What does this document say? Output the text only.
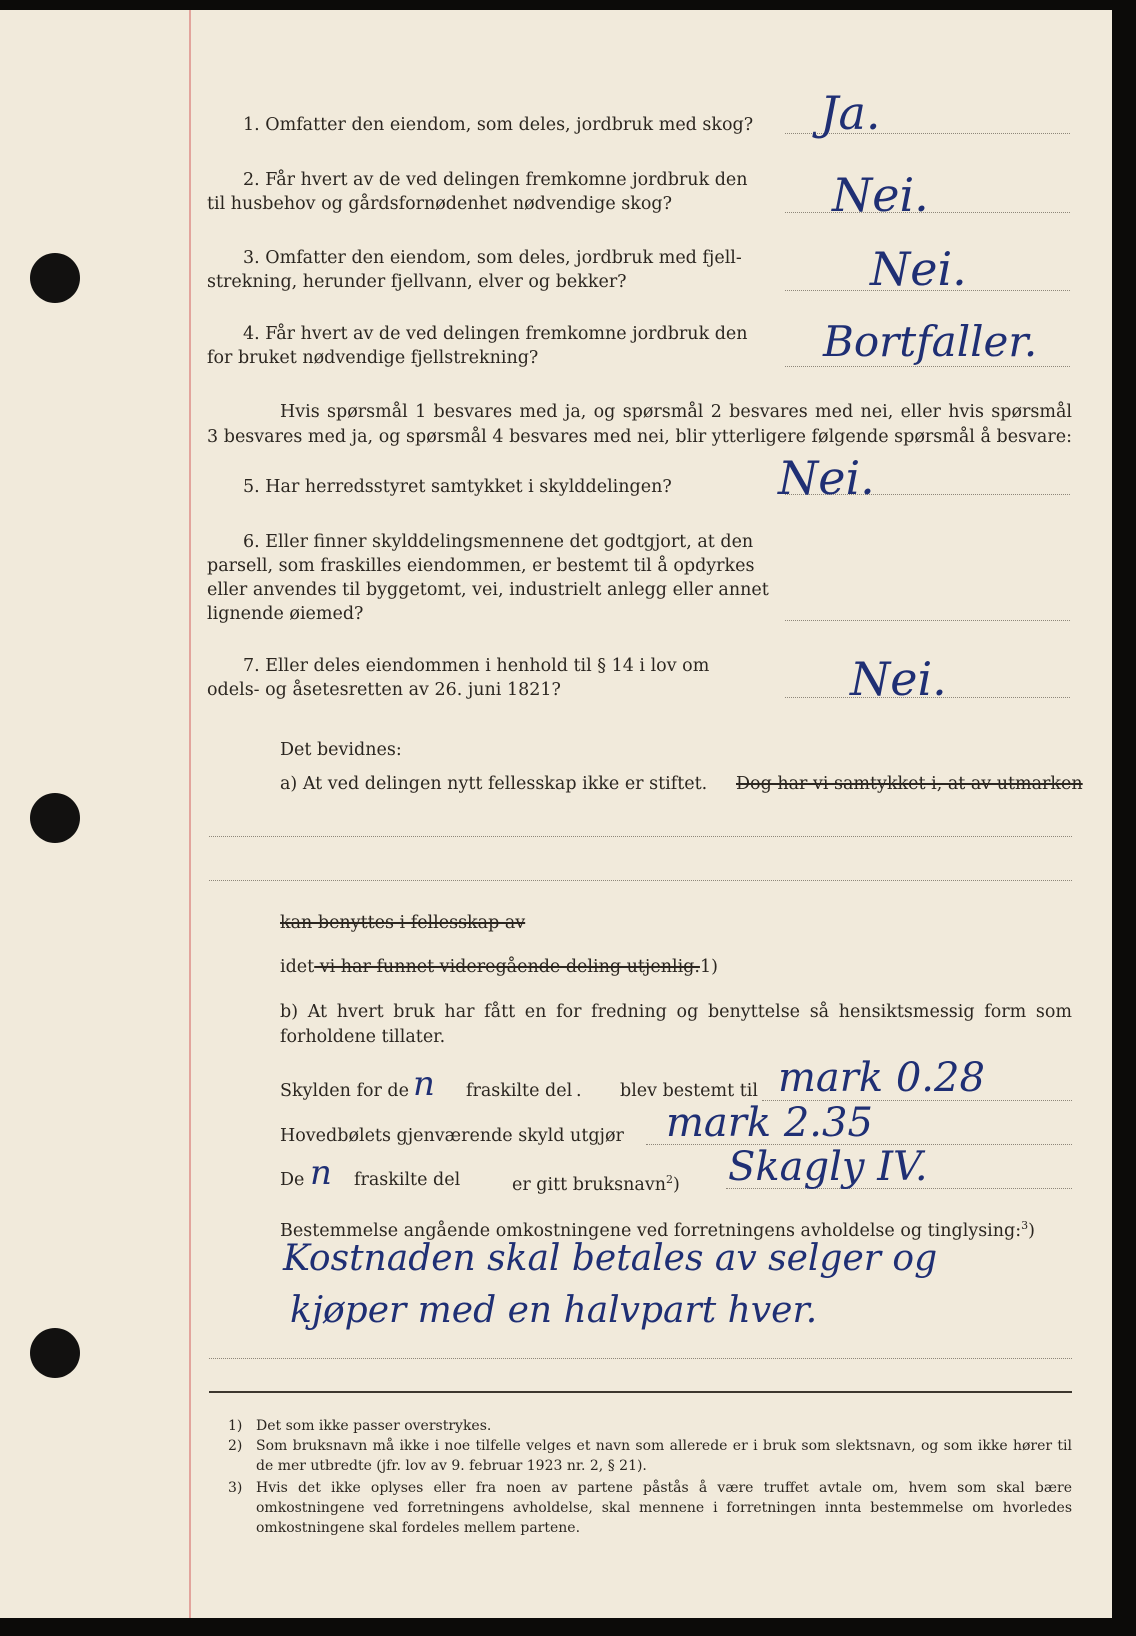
1. Omfatter den eiendom, som deles, jordbruk med skog? Ja.
2. Får hvert av de ved delingen fremkomne jordbruk den
til husbehov og gårdsfornødenhet nødvendige skog?	Nei.
3. Omfatter den eiendom, som deles, jordbruk med fjell-
strekning, herunder fjellvann, elver og bekker?	Nei.
4. Får hvert av de ved delingen fremkomne jordbruk den
for bruket nødvendige fjellstrekning?	Bortfaller.
Hvis spørsmål 1 besvares med ja, og spørsmål 2 besvares med nei, eller hvis spørsmål
3 besvares med ja, og spørsmål 4 besvares med nei, blir ytterligere følgende spørsmål å besvare:
5. Har herredsstyret samtykket i skylddelingen? Nei.
6. Eller finner skylddelingsmennene det godtgjort, at den
parsell, som fraskilles eiendommen, er bestemt til å opdyrkes
eller anvendes til byggetomt, vei, industrielt anlegg eller annet
lignende øiemed?
7. Eller deles eiendommen i henhold til § 14 i lov om
odels- og åsetesretten av 26. juni 1821?	Nei.
Det bevidnes:
a) At ved delingen nytt fellesskap ikke er stiftet. Dog har vi samtykket i, at av utmarken
kan benyttes i fellesskap av
idet vi har funnet videregående deling utjenlig.1)
b) At hvert bruk har fått en for fredning og benyttelse så hensiktsmessig form som
forholdene tillater.
Skylden for de n fraskilte del . blev bestemt til mark 0.28
Hovedbølets gjenværende skyld utgjør mark 2.35
De n fraskilte del	er gitt bruksnavn$^2$) Skagly IV.
Bestemmelse angående omkostningene ved forretningens avholdelse og tinglysing:$^3$)
Kostnaden skal betales av selger og
kjøper med en halvpart hver.
1) Det som ikke passer overstrykes.
2) Som bruksnavn må ikke i noe tilfelle velges et navn som allerede er i bruk som slektsnavn, og som ikke hører til de mer utbredte (jfr. lov av 9. februar 1923 nr. 2, § 21).
3) Hvis det ikke oplyses eller fra noen av partene påstås å være truffet avtale om, hvem som skal bære omkostningene ved forretningens avholdelse, skal mennene i forretningen innta bestemmelse om hvorledes omkostningene skal fordeles mellem partene.
